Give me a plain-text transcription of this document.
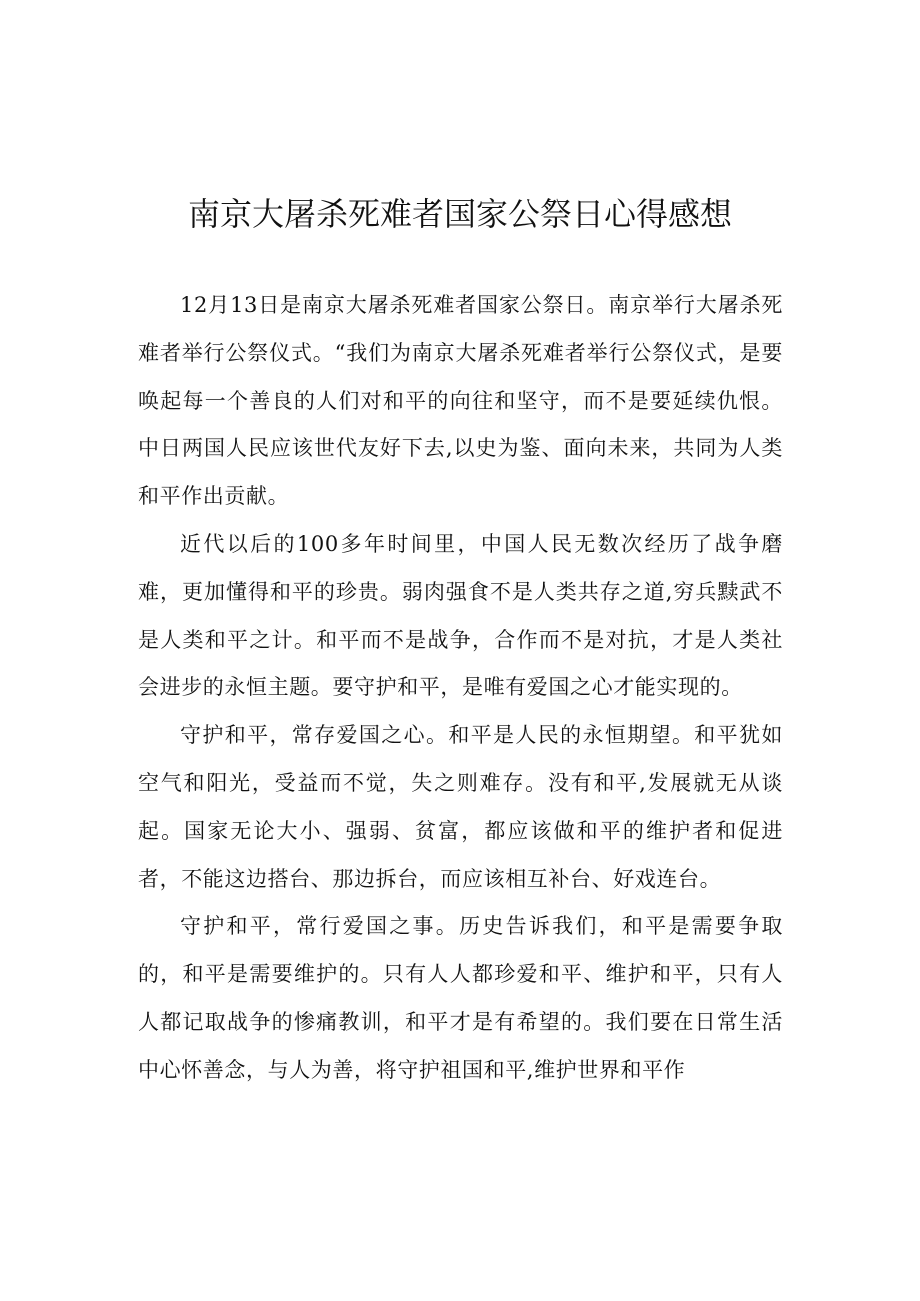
南京大屠杀死难者国家公祭日心得感想

12月13日是南京大屠杀死难者国家公祭日。南京举行大屠杀死难者举行公祭仪式。“我们为南京大屠杀死难者举行公祭仪式，是要唤起每一个善良的人们对和平的向往和坚守，而不是要延续仇恨。中日两国人民应该世代友好下去,以史为鉴、面向未来，共同为人类和平作出贡献。

近代以后的100多年时间里，中国人民无数次经历了战争磨难，更加懂得和平的珍贵。弱肉强食不是人类共存之道,穷兵黩武不是人类和平之计。和平而不是战争，合作而不是对抗，才是人类社会进步的永恒主题。要守护和平，是唯有爱国之心才能实现的。

守护和平，常存爱国之心。和平是人民的永恒期望。和平犹如空气和阳光，受益而不觉，失之则难存。没有和平,发展就无从谈起。国家无论大小、强弱、贫富，都应该做和平的维护者和促进者，不能这边搭台、那边拆台，而应该相互补台、好戏连台。

守护和平，常行爱国之事。历史告诉我们，和平是需要争取的，和平是需要维护的。只有人人都珍爱和平、维护和平，只有人人都记取战争的惨痛教训，和平才是有希望的。我们要在日常生活中心怀善念，与人为善，将守护祖国和平,维护世界和平作
